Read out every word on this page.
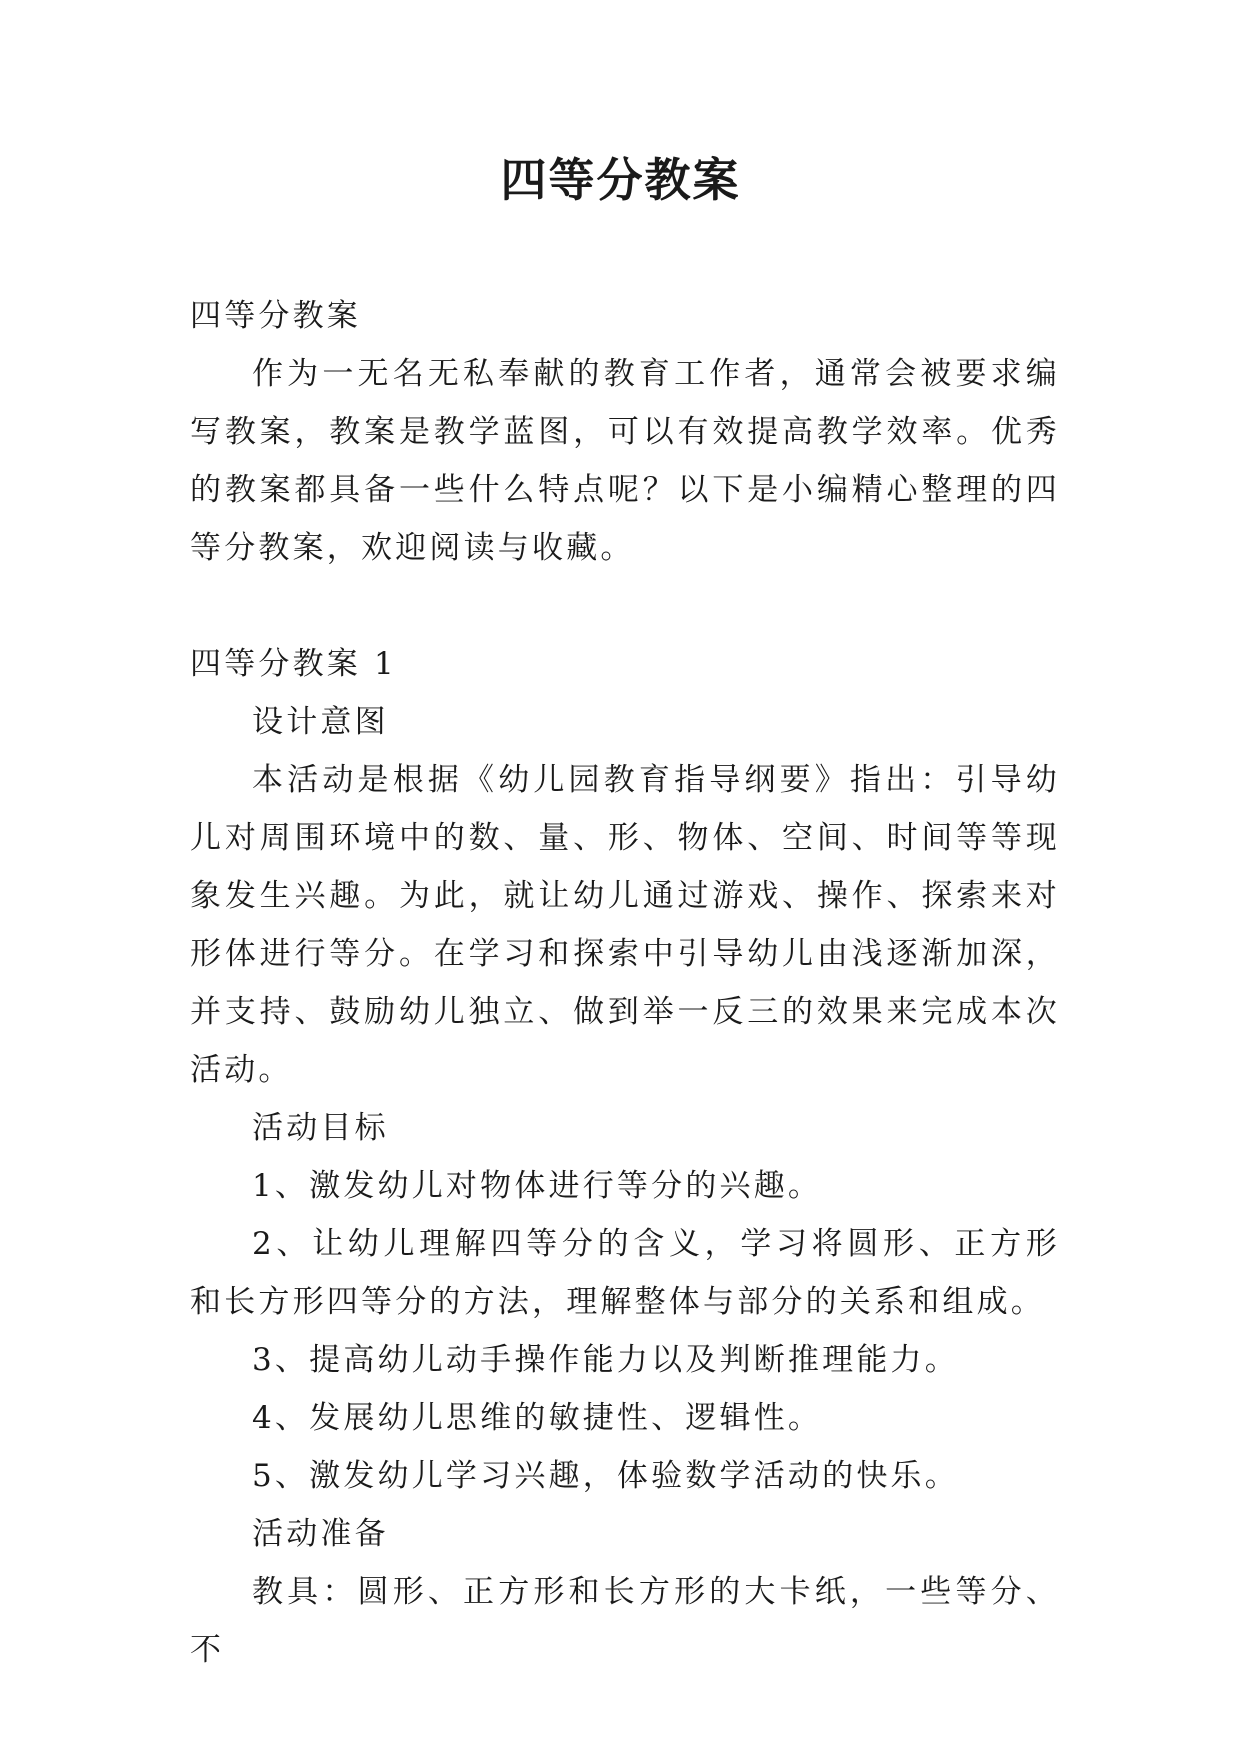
四等分教案

四等分教案

作为一无名无私奉献的教育工作者，通常会被要求编写教案，教案是教学蓝图，可以有效提高教学效率。优秀的教案都具备一些什么特点呢？以下是小编精心整理的四等分教案，欢迎阅读与收藏。

四等分教案 1

设计意图

本活动是根据《幼儿园教育指导纲要》指出：引导幼儿对周围环境中的数、量、形、物体、空间、时间等等现象发生兴趣。为此，就让幼儿通过游戏、操作、探索来对形体进行等分。在学习和探索中引导幼儿由浅逐渐加深，并支持、鼓励幼儿独立、做到举一反三的效果来完成本次活动。

活动目标

1、激发幼儿对物体进行等分的兴趣。

2、让幼儿理解四等分的含义，学习将圆形、正方形和长方形四等分的方法，理解整体与部分的关系和组成。

3、提高幼儿动手操作能力以及判断推理能力。

4、发展幼儿思维的敏捷性、逻辑性。

5、激发幼儿学习兴趣，体验数学活动的快乐。

活动准备

教具：圆形、正方形和长方形的大卡纸，一些等分、不
